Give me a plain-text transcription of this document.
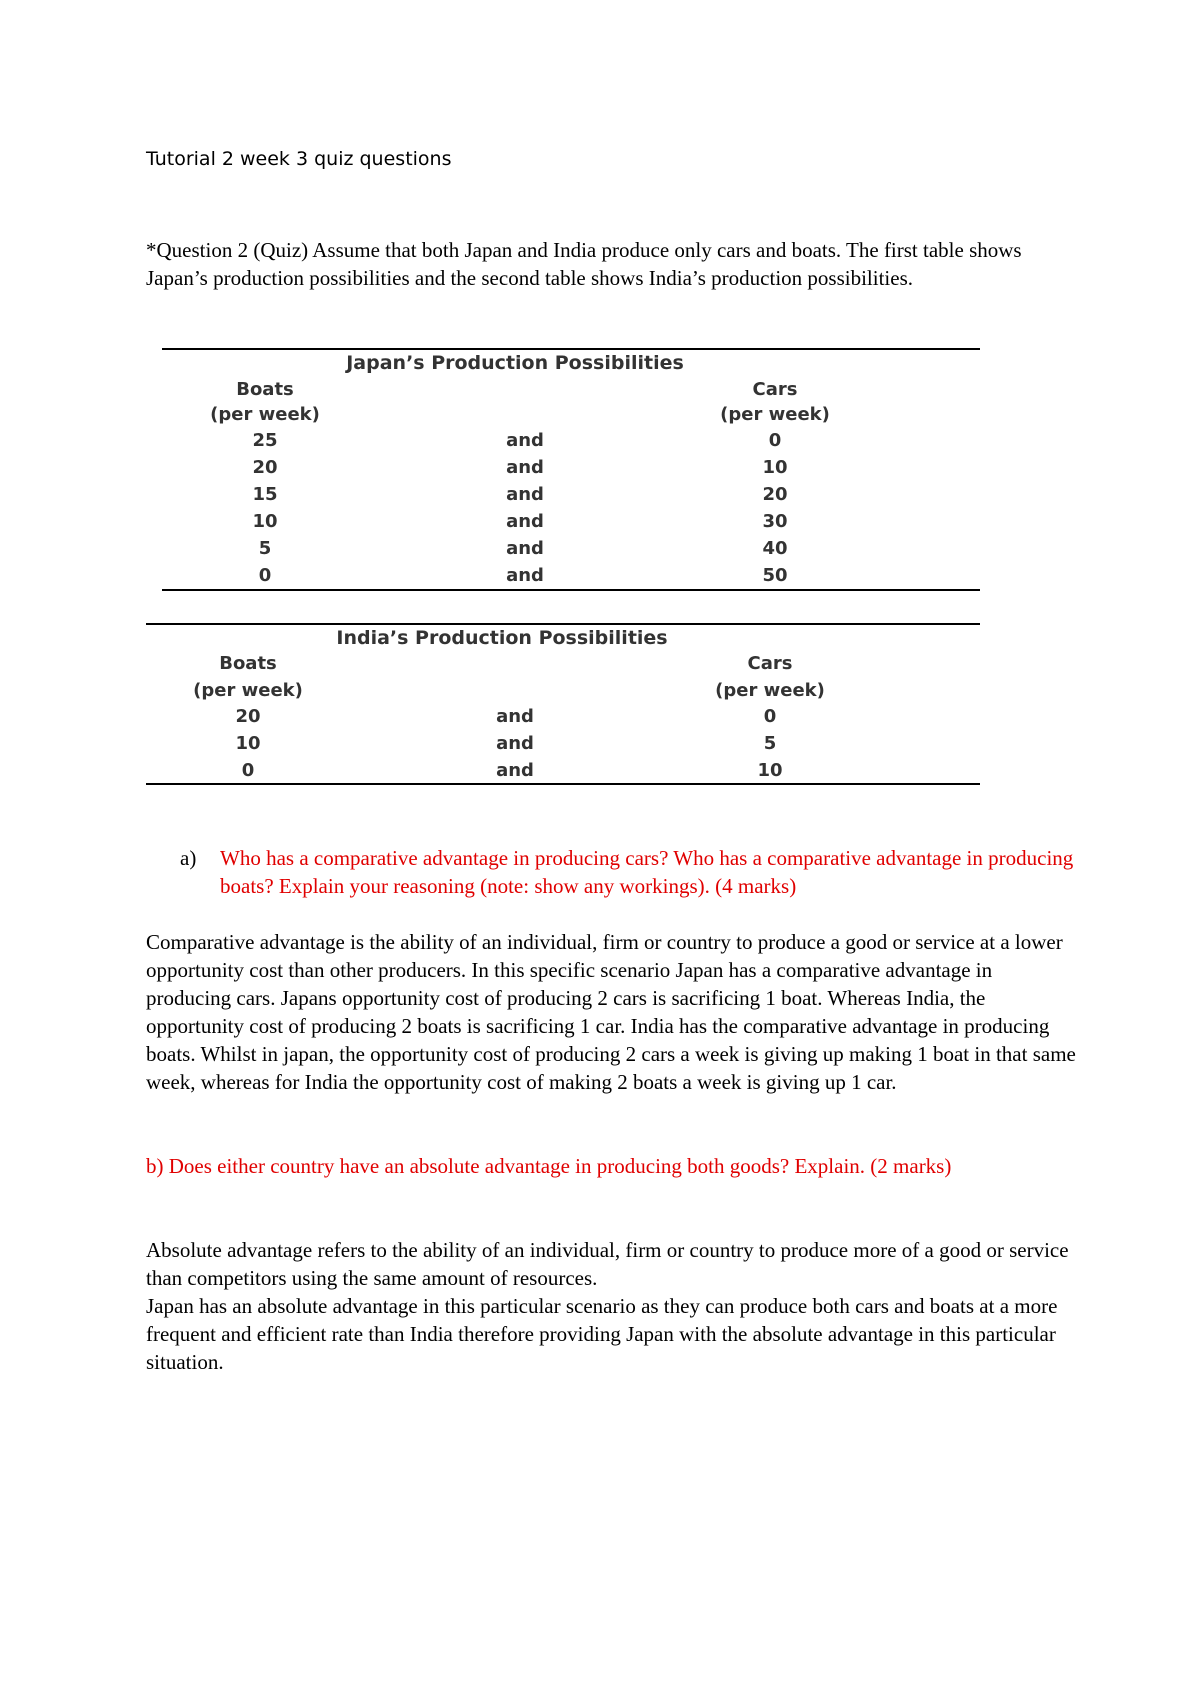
Tutorial 2 week 3 quiz questions

*Question 2 (Quiz) Assume that both Japan and India produce only cars and boats. The first table shows Japan’s production possibilities and the second table shows India’s production possibilities.

Japan’s Production Possibilities
Boats	Cars
(per week)	(per week)
25	and	0
20	and	10
15	and	20
10	and	30
5	and	40
0	and	50
India’s Production Possibilities
Boats	Cars
(per week)	(per week)
20	and	0
10	and	5
0	and	10
a) Who has a comparative advantage in producing cars? Who has a comparative advantage in producing boats? Explain your reasoning (note: show any workings). (4 marks)

Comparative advantage is the ability of an individual, firm or country to produce a good or service at a lower opportunity cost than other producers. In this specific scenario Japan has a comparative advantage in producing cars. Japans opportunity cost of producing 2 cars is sacrificing 1 boat. Whereas India, the opportunity cost of producing 2 boats is sacrificing 1 car. India has the comparative advantage in producing boats. Whilst in japan, the opportunity cost of producing 2 cars a week is giving up making 1 boat in that same week, whereas for India the opportunity cost of making 2 boats a week is giving up 1 car.

b) Does either country have an absolute advantage in producing both goods? Explain. (2 marks)

Absolute advantage refers to the ability of an individual, firm or country to produce more of a good or service than competitors using the same amount of resources.

Japan has an absolute advantage in this particular scenario as they can produce both cars and boats at a more frequent and efficient rate than India therefore providing Japan with the absolute advantage in this particular situation.
